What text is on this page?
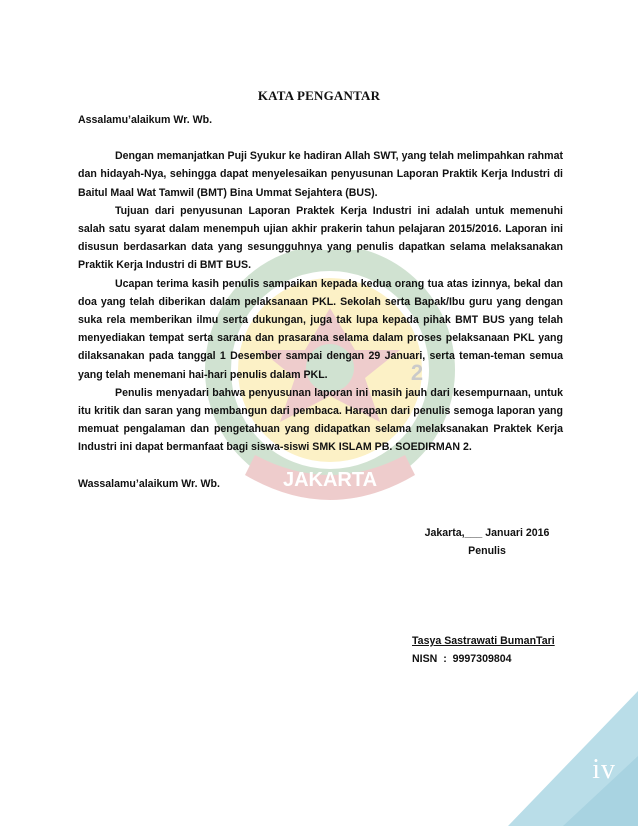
JAKARTA
2
iv
KATA PENGANTAR

Assalamu’alaikum Wr. Wb.

Dengan memanjatkan Puji Syukur ke hadiran Allah SWT, yang telah melimpahkan rahmat dan hidayah-Nya, sehingga dapat menyelesaikan penyusunan Laporan Praktik Kerja Industri di Baitul Maal Wat Tamwil (BMT) Bina Ummat Sejahtera (BUS).

Tujuan dari penyusunan Laporan Praktek Kerja Industri ini adalah untuk memenuhi salah satu syarat dalam menempuh ujian akhir prakerin tahun pelajaran 2015/2016. Laporan ini disusun berdasarkan data yang sesungguhnya yang penulis dapatkan selama melaksanakan Praktik Kerja Industri di BMT BUS.

Ucapan terima kasih penulis sampaikan kepada kedua orang tua atas izinnya, bekal dan doa yang telah diberikan dalam pelaksanaan PKL. Sekolah serta Bapak/Ibu guru yang dengan suka rela memberikan ilmu serta dukungan, juga tak lupa kepada pihak BMT BUS yang telah menyediakan tempat serta sarana dan prasarana selama dalam proses pelaksanaan PKL yang dilaksanakan pada tanggal 1 Desember sampai dengan 29 Januari, serta teman-teman semua yang telah menemani hai-hari penulis dalam PKL.

Penulis menyadari bahwa penyusunan laporan ini masih jauh dari kesempurnaan, untuk itu kritik dan saran yang membangun dari pembaca. Harapan dari penulis semoga laporan yang memuat pengalaman dan pengetahuan yang didapatkan selama melaksanakan Praktek Kerja Industri ini dapat bermanfaat bagi siswa-siswi SMK ISLAM PB. SOEDIRMAN 2.

Wassalamu’alaikum Wr. Wb.

Jakarta,___ Januari 2016
Penulis
Tasya Sastrawati BumanTari
NISN  :  9997309804
